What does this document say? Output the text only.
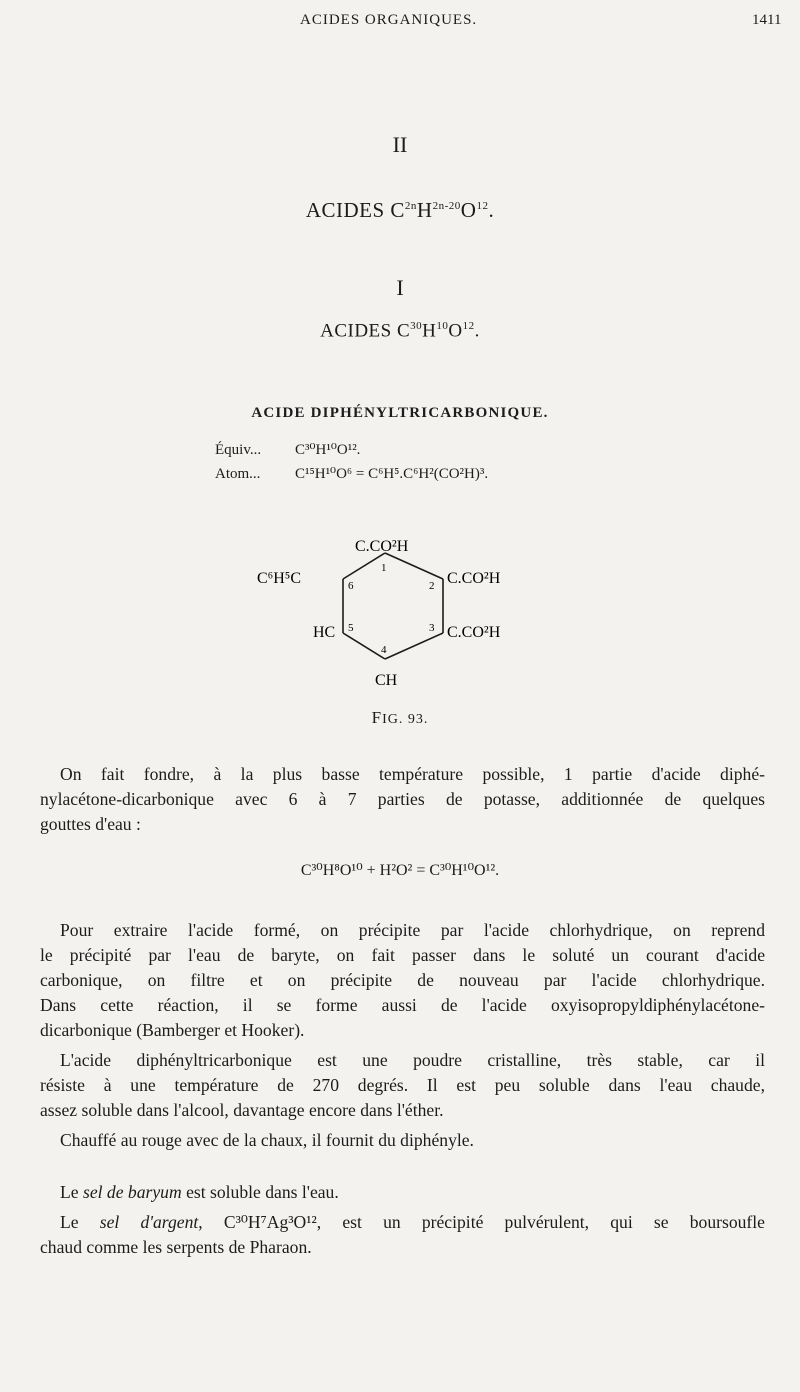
ACIDES ORGANIQUES.	1411
II
ACIDES $C^{2n}H^{2n-20}O^{12}$.
I
ACIDES $C^{30}H^{10}O^{12}$.
ACIDE DIPHÉNYLTRICARBONIQUE.
Équiv... C³⁰H¹⁰O¹².
Atom... C¹⁵H¹⁰O⁶ = C⁶H⁵.C⁶H²(CO²H)³.
C.CO²H
C⁶H⁵C	C.CO²H
HC	C.CO²H
CH
1
2
3
4
5
6
FIG. 93.
On fait fondre, à la plus basse température possible, 1 partie d'acide diphé-
nylacétone-dicarbonique avec 6 à 7 parties de potasse, additionnée de quelques
gouttes d'eau :
C³⁰H⁸O¹⁰ + H²O² = C³⁰H¹⁰O¹².
Pour extraire l'acide formé, on précipite par l'acide chlorhydrique, on reprend
le précipité par l'eau de baryte, on fait passer dans le soluté un courant d'acide
carbonique, on filtre et on précipite de nouveau par l'acide chlorhydrique.
Dans cette réaction, il se forme aussi de l'acide oxyisopropyldiphénylacétone-
dicarbonique (Bamberger et Hooker).
L'acide diphényltricarbonique est une poudre cristalline, très stable, car il
résiste à une température de 270 degrés. Il est peu soluble dans l'eau chaude,
assez soluble dans l'alcool, davantage encore dans l'éther.
Chauffé au rouge avec de la chaux, il fournit du diphényle.
Le sel de baryum est soluble dans l'eau.
Le sel d'argent, C³⁰H⁷Ag³O¹², est un précipité pulvérulent, qui se boursoufle
chaud comme les serpents de Pharaon.
